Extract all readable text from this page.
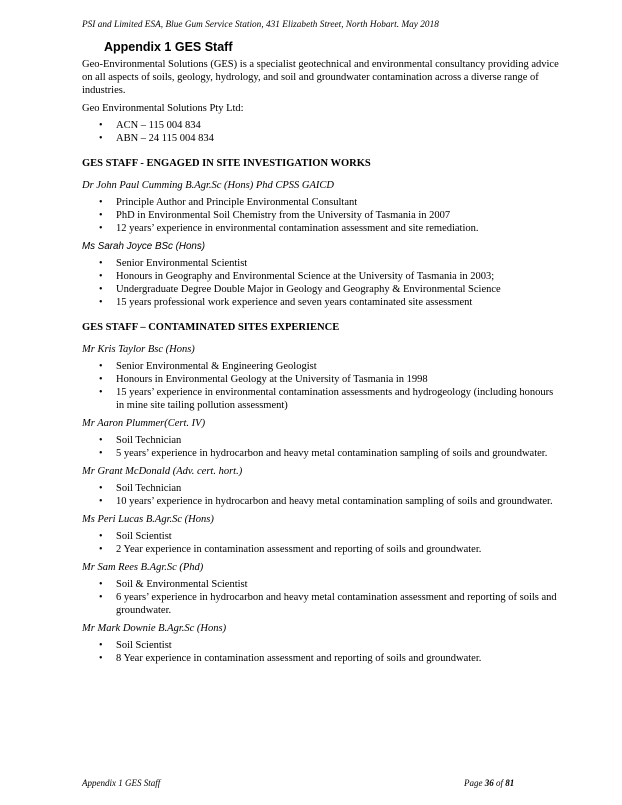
PSI and Limited ESA, Blue Gum Service Station, 431 Elizabeth Street, North Hobart. May 2018
Appendix 1 GES Staff

Geo-Environmental Solutions (GES) is a specialist geotechnical and environmental consultancy providing advice on all aspects of soils, geology, hydrology, and soil and groundwater contamination across a diverse range of industries.

Geo Environmental Solutions Pty Ltd:

• ACN – 115 004 834
• ABN – 24 115 004 834
GES STAFF - ENGAGED IN SITE INVESTIGATION WORKS
Dr John Paul Cumming B.Agr.Sc (Hons) Phd CPSS GAICD
• Principle Author and Principle Environmental Consultant
• PhD in Environmental Soil Chemistry from the University of Tasmania in 2007
• 12 years’ experience in environmental contamination assessment and site remediation.
Ms Sarah Joyce BSc (Hons)
• Senior Environmental Scientist
• Honours in Geography and Environmental Science at the University of Tasmania in 2003;
• Undergraduate Degree Double Major in Geology and Geography & Environmental Science
• 15 years professional work experience and seven years contaminated site assessment
GES STAFF – CONTAMINATED SITES EXPERIENCE
Mr Kris Taylor Bsc (Hons)
• Senior Environmental & Engineering Geologist
• Honours in Environmental Geology at the University of Tasmania in 1998
• 15 years’ experience in environmental contamination assessments and hydrogeology (including honours in mine site tailing pollution assessment)
Mr Aaron Plummer(Cert. IV)
• Soil Technician
• 5 years’ experience in hydrocarbon and heavy metal contamination sampling of soils and groundwater.
Mr Grant McDonald (Adv. cert. hort.)
• Soil Technician
• 10 years’ experience in hydrocarbon and heavy metal contamination sampling of soils and groundwater.
Ms Peri Lucas B.Agr.Sc (Hons)
• Soil Scientist
• 2 Year experience in contamination assessment and reporting of soils and groundwater.
Mr Sam Rees B.Agr.Sc (Phd)
• Soil & Environmental Scientist
• 6 years’ experience in hydrocarbon and heavy metal contamination assessment and reporting of soils and groundwater.
Mr Mark Downie B.Agr.Sc (Hons)
• Soil Scientist
• 8 Year experience in contamination assessment and reporting of soils and groundwater.
Appendix 1 GES Staff	Page 36 of 81
